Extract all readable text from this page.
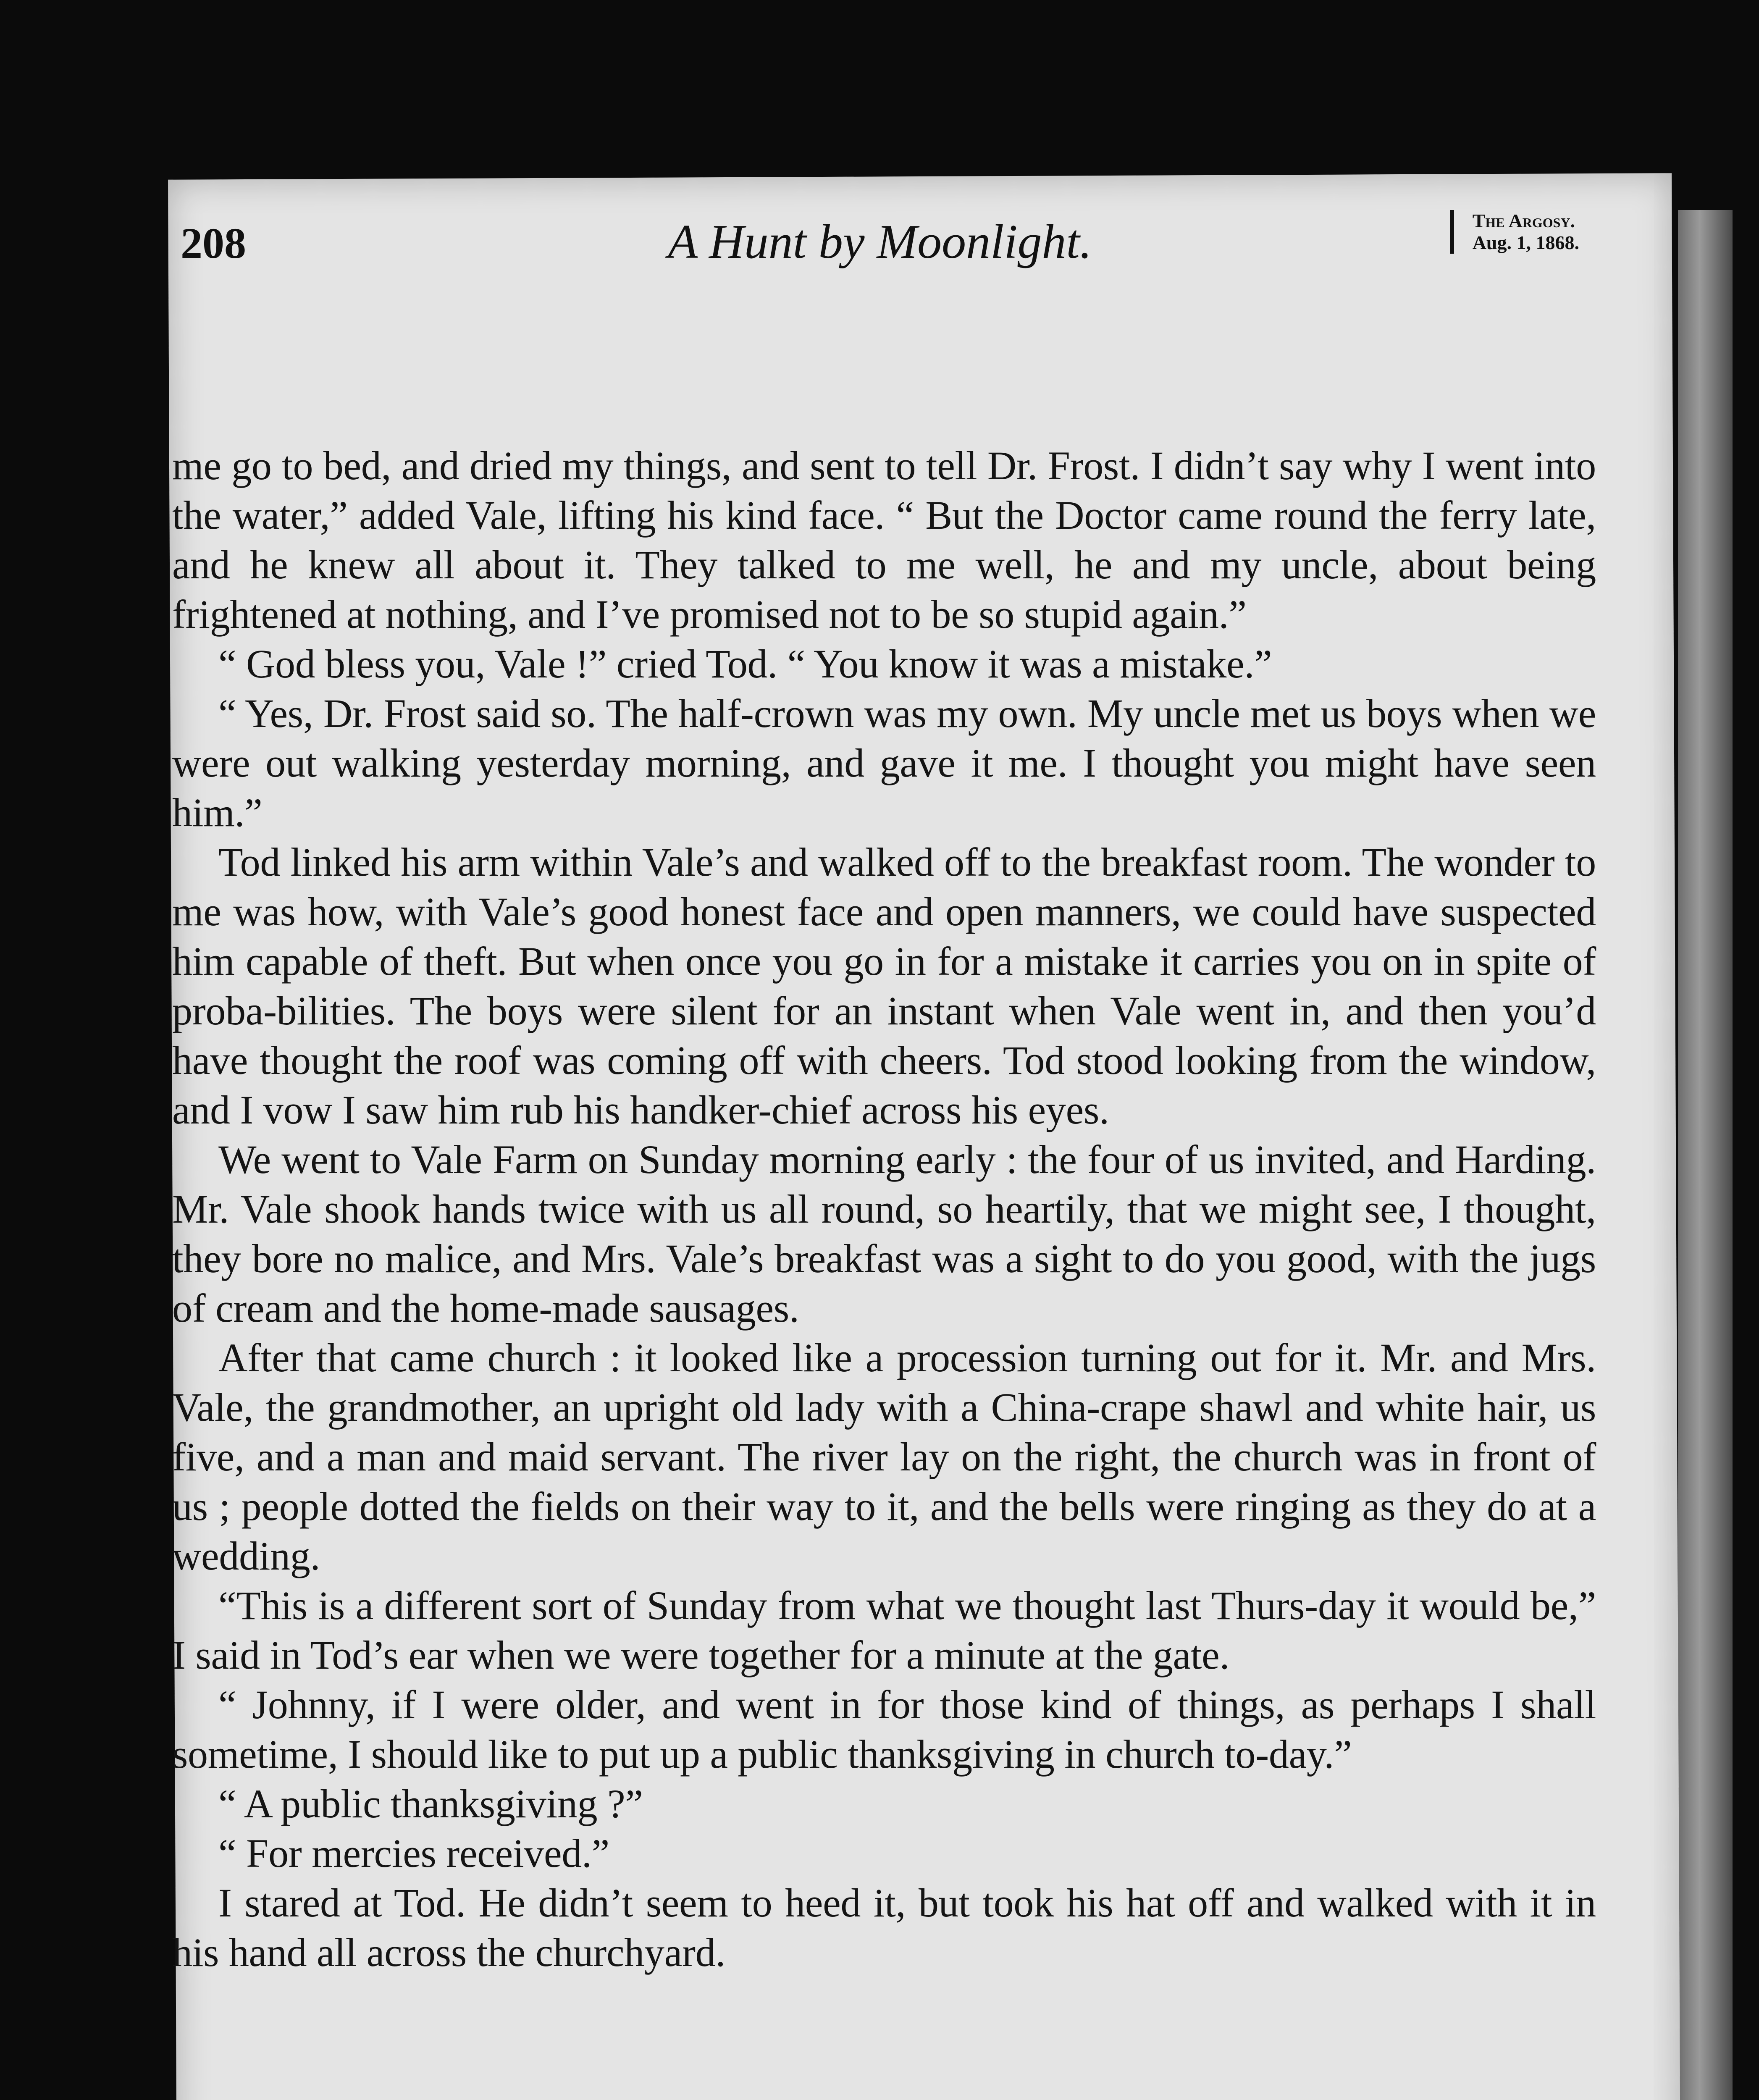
208	A Hunt by Moonlight.	The Argosy.
Aug. 1, 1868.

me go to bed, and dried my things, and sent to tell Dr. Frost. I didn’t say why I went into the water,” added Vale, lifting his kind face. “ But the Doctor came round the ferry late, and he knew all about it. They talked to me well, he and my uncle, about being frightened at nothing, and I’ve promised not to be so stupid again.”

“ God bless you, Vale !” cried Tod. “ You know it was a mistake.”

“ Yes, Dr. Frost said so. The half-crown was my own. My uncle met us boys when we were out walking yesterday morning, and gave it me. I thought you might have seen him.”

Tod linked his arm within Vale’s and walked off to the breakfast room. The wonder to me was how, with Vale’s good honest face and open manners, we could have suspected him capable of theft. But when once you go in for a mistake it carries you on in spite of proba-bilities. The boys were silent for an instant when Vale went in, and then you’d have thought the roof was coming off with cheers. Tod stood looking from the window, and I vow I saw him rub his handker-chief across his eyes.

We went to Vale Farm on Sunday morning early : the four of us invited, and Harding. Mr. Vale shook hands twice with us all round, so heartily, that we might see, I thought, they bore no malice, and Mrs. Vale’s breakfast was a sight to do you good, with the jugs of cream and the home-made sausages.

After that came church : it looked like a procession turning out for it. Mr. and Mrs. Vale, the grandmother, an upright old lady with a China-crape shawl and white hair, us five, and a man and maid servant. The river lay on the right, the church was in front of us ; people dotted the fields on their way to it, and the bells were ringing as they do at a wedding.

“This is a different sort of Sunday from what we thought last Thurs-day it would be,” I said in Tod’s ear when we were together for a minute at the gate.

“ Johnny, if I were older, and went in for those kind of things, as perhaps I shall sometime, I should like to put up a public thanksgiving in church to-day.”

“ A public thanksgiving ?”

“ For mercies received.”

I stared at Tod. He didn’t seem to heed it, but took his hat off and walked with it in his hand all across the churchyard.
